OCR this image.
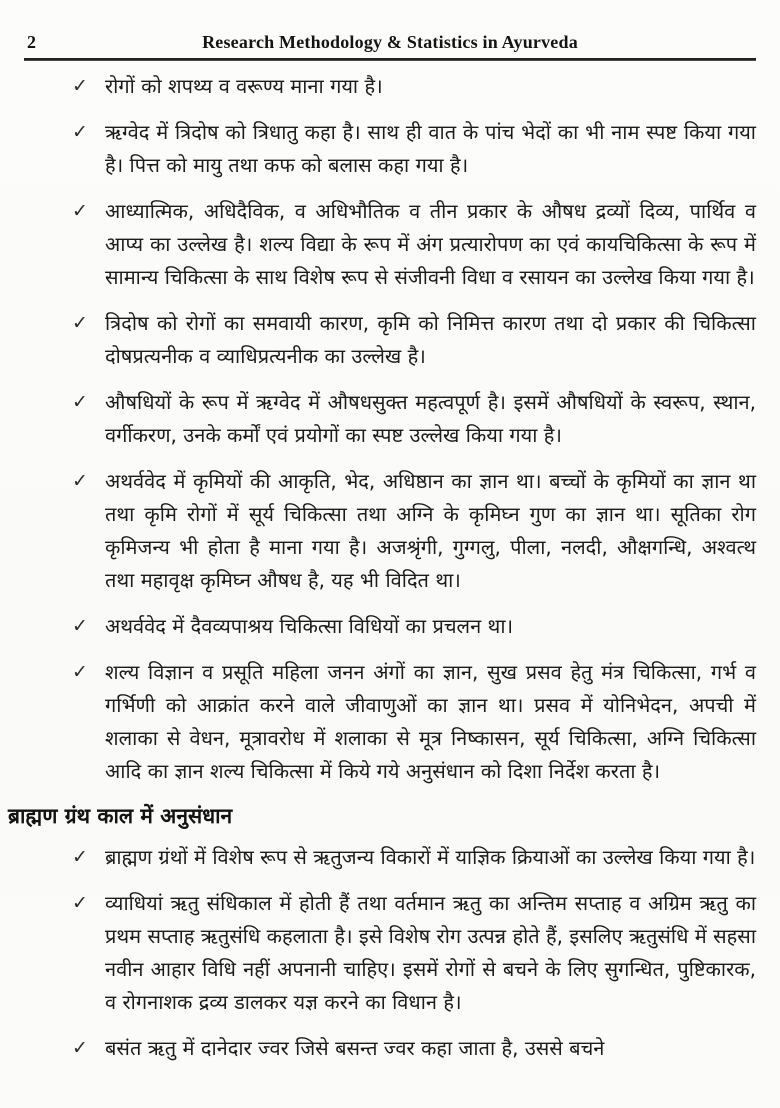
2	Research Methodology & Statistics in Ayurveda
✓ रोगों को शपथ्य व वरूण्य माना गया है।
✓ ऋग्वेद में त्रिदोष को त्रिधातु कहा है। साथ ही वात के पांच भेदों का भी नाम स्पष्ट किया गया है। पित्त को मायु तथा कफ को बलास कहा गया है।
✓ आध्यात्मिक, अधिदैविक, व अधिभौतिक व तीन प्रकार के औषध द्रव्यों दिव्य, पार्थिव व आप्य का उल्लेख है। शल्य विद्या के रूप में अंग प्रत्यारोपण का एवं कायचिकित्सा के रूप में सामान्य चिकित्सा के साथ विशेष रूप से संजीवनी विधा व रसायन का उल्लेख किया गया है।
✓ त्रिदोष को रोगों का समवायी कारण, कृमि को निमित्त कारण तथा दो प्रकार की चिकित्सा दोषप्रत्यनीक व व्याधिप्रत्यनीक का उल्लेख है।
✓ औषधियों के रूप में ऋग्वेद में औषधसुक्त महत्वपूर्ण है। इसमें औषधियों के स्वरूप, स्थान, वर्गीकरण, उनके कर्मों एवं प्रयोगों का स्पष्ट उल्लेख किया गया है।
✓ अथर्ववेद में कृमियों की आकृति, भेद, अधिष्ठान का ज्ञान था। बच्चों के कृमियों का ज्ञान था तथा कृमि रोगों में सूर्य चिकित्सा तथा अग्नि के कृमिघ्न गुण का ज्ञान था। सूतिका रोग कृमिजन्य भी होता है माना गया है। अजश्रृंगी, गुग्गलु, पीला, नलदी, औक्षगन्धि, अश्वत्थ तथा महावृक्ष कृमिघ्न औषध है, यह भी विदित था।
✓ अथर्ववेद में दैवव्यपाश्रय चिकित्सा विधियों का प्रचलन था।
✓ शल्य विज्ञान व प्रसूति महिला जनन अंगों का ज्ञान, सुख प्रसव हेतु मंत्र चिकित्सा, गर्भ व गर्भिणी को आक्रांत करने वाले जीवाणुओं का ज्ञान था। प्रसव में योनिभेदन, अपची में शलाका से वेधन, मूत्रावरोध में शलाका से मूत्र निष्कासन, सूर्य चिकित्सा, अग्नि चिकित्सा आदि का ज्ञान शल्य चिकित्सा में किये गये अनुसंधान को दिशा निर्देश करता है।
ब्राह्मण ग्रंथ काल में अनुसंधान
✓ ब्राह्मण ग्रंथों में विशेष रूप से ऋतुजन्य विकारों में याज्ञिक क्रियाओं का उल्लेख किया गया है।
✓ व्याधियां ऋतु संधिकाल में होती हैं तथा वर्तमान ऋतु का अन्तिम सप्ताह व अग्रिम ऋतु का प्रथम सप्ताह ऋतुसंधि कहलाता है। इसे विशेष रोग उत्पन्न होते हैं, इसलिए ऋतुसंधि में सहसा नवीन आहार विधि नहीं अपनानी चाहिए। इसमें रोगों से बचने के लिए सुगन्धित, पुष्टिकारक, व रोगनाशक द्रव्य डालकर यज्ञ करने का विधान है।
✓ बसंत ऋतु में दानेदार ज्वर जिसे बसन्त ज्वर कहा जाता है, उससे बचने
